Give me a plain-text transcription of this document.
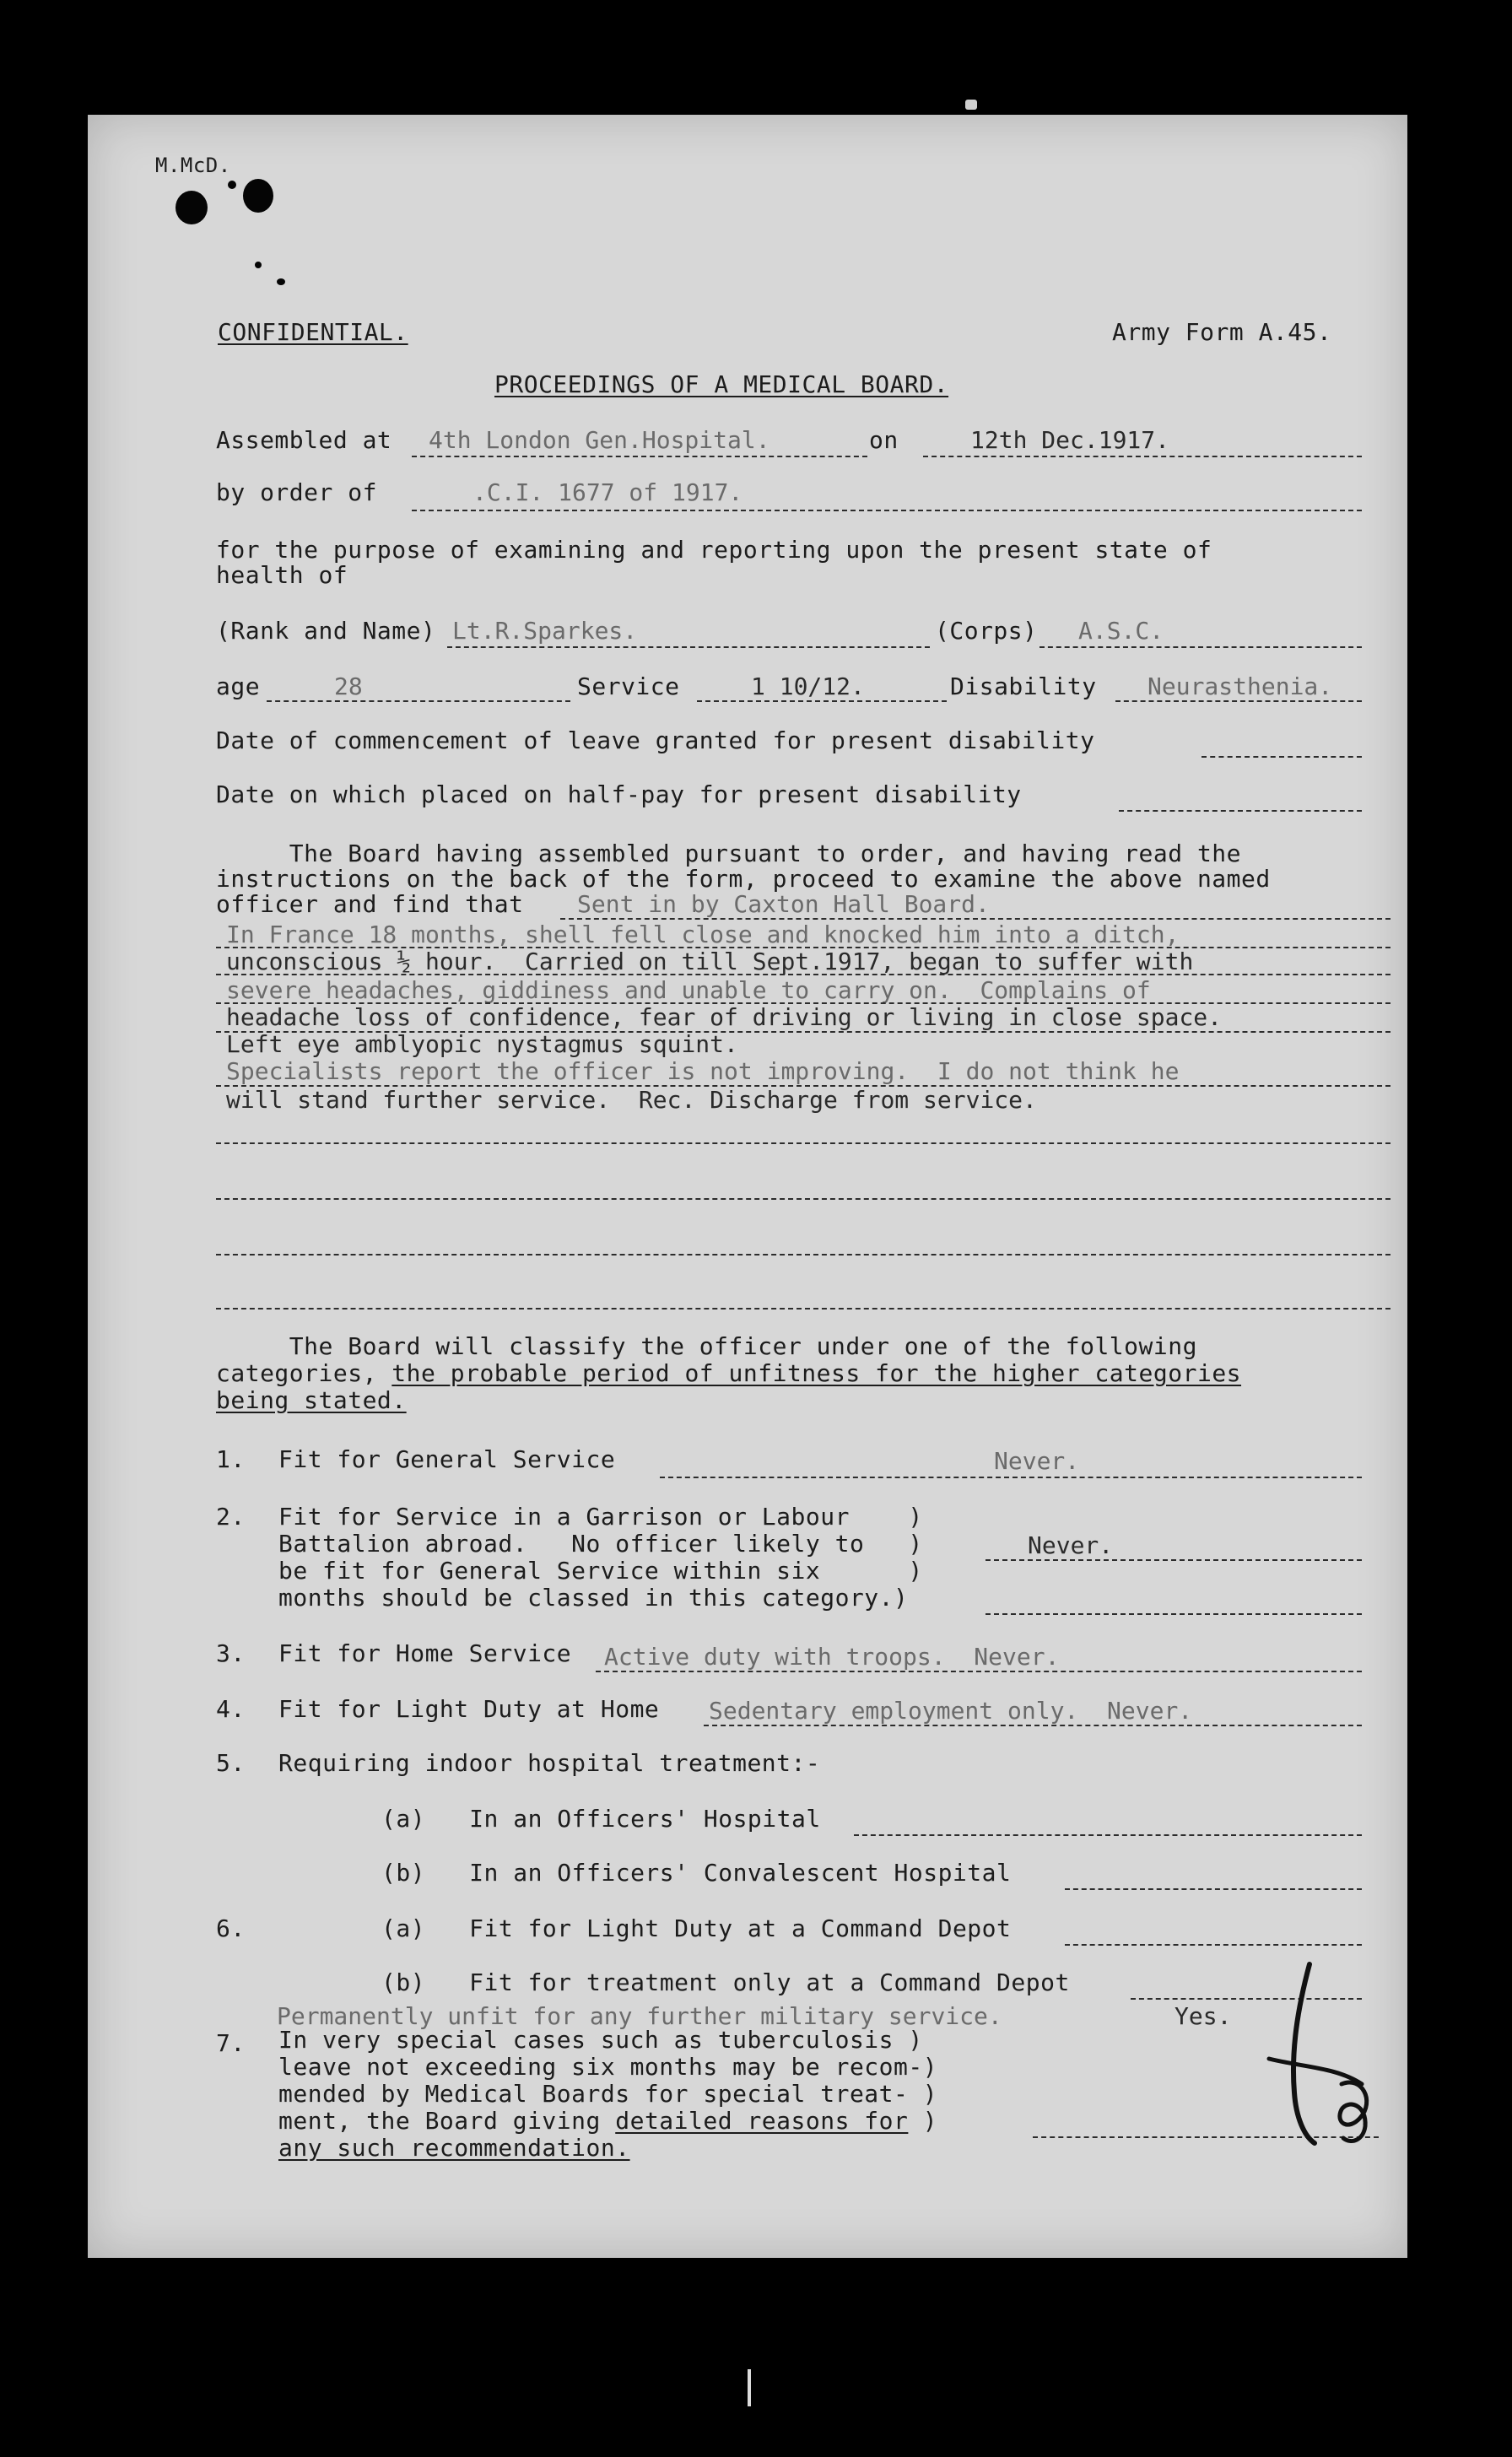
M.McD.
CONFIDENTIAL.	Army Form A.45.
PROCEEDINGS OF A MEDICAL BOARD.
Assembled at 4th London Gen.Hospital.	on	12th Dec.1917.
by order of	.C.I. 1677 of 1917.
for the purpose of examining and reporting upon the present state of
health of
(Rank and Name) Lt.R.Sparkes.	(Corps) A.S.C.
age	28	Service	1 10/12.	Disability Neurasthenia.
Date of commencement of leave granted for present disability
Date on which placed on half-pay for present disability
The Board having assembled pursuant to order, and having read the
instructions on the back of the form, proceed to examine the above named
officer and find that Sent in by Caxton Hall Board.
In France 18 months, shell fell close and knocked him into a ditch,
unconscious ½ hour.  Carried on till Sept.1917, began to suffer with
severe headaches, giddiness and unable to carry on.  Complains of
headache loss of confidence, fear of driving or living in close space.
Left eye amblyopic nystagmus squint.
Specialists report the officer is not improving.  I do not think he
will stand further service.  Rec. Discharge from service.
The Board will classify the officer under one of the following
categories, the probable period of unfitness for the higher categories
being stated.
1. Fit for General Service	Never.
2. Fit for Service in a Garrison or Labour    )
Battalion abroad.   No officer likely to   )
be fit for General Service within six      )
months should be classed in this category.)
Never.
3. Fit for Home Service Active duty with troops.  Never.
4. Fit for Light Duty at Home Sedentary employment only.  Never.
5. Requiring indoor hospital treatment:-
(a)   In an Officers' Hospital
(b)   In an Officers' Convalescent Hospital
6.	(a)   Fit for Light Duty at a Command Depot
(b)   Fit for treatment only at a Command Depot
Permanently unfit for any further military service.	Yes.
7. In very special cases such as tuberculosis )
leave not exceeding six months may be recom-)
mended by Medical Boards for special treat- )
ment, the Board giving detailed reasons for )
any such recommendation.
